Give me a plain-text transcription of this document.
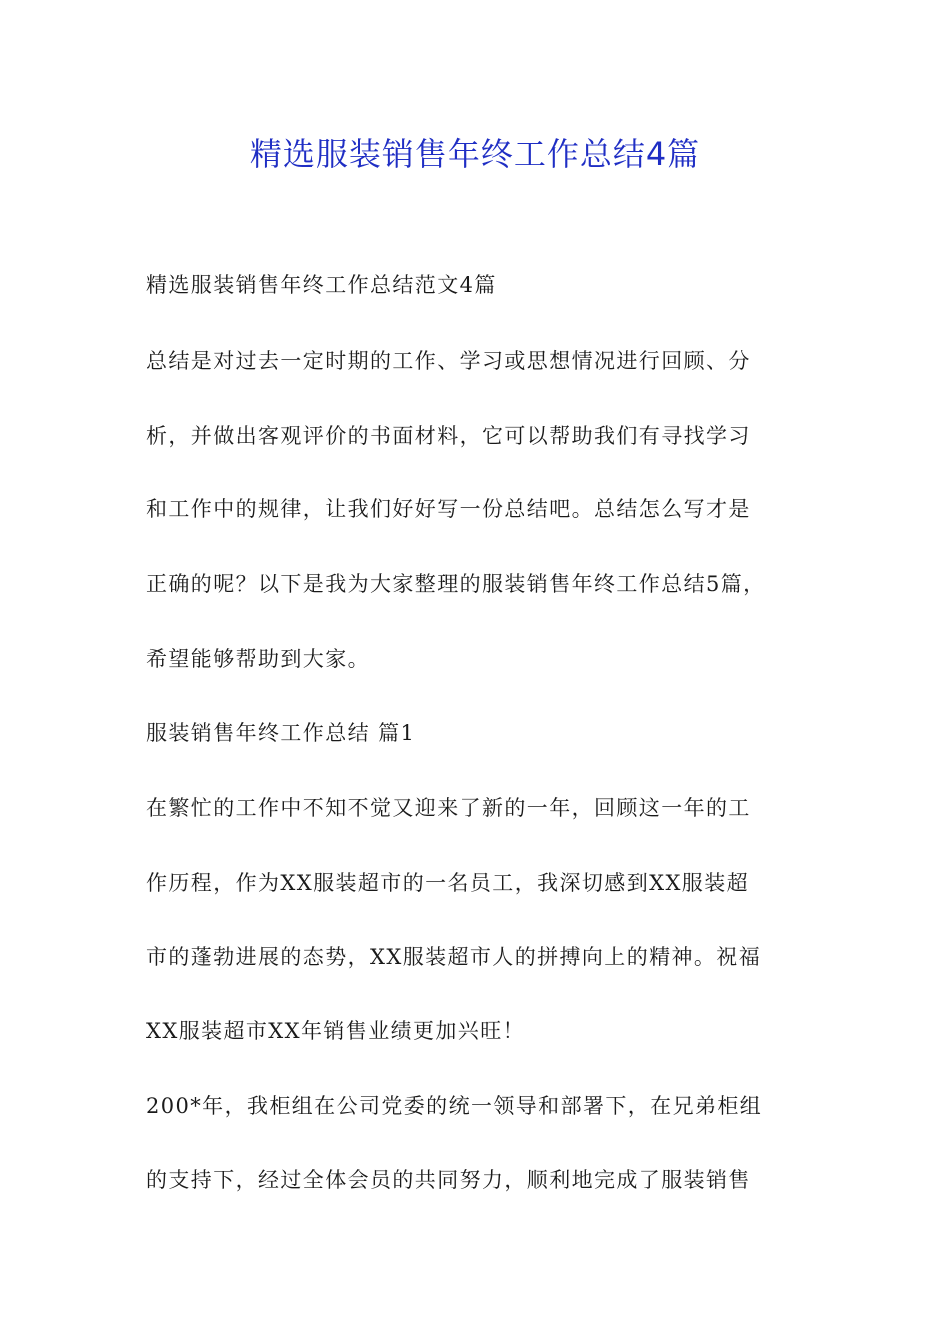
精选服装销售年终工作总结4篇

精选服装销售年终工作总结范文4篇

总结是对过去一定时期的工作、学习或思想情况进行回顾、分

析，并做出客观评价的书面材料，它可以帮助我们有寻找学习

和工作中的规律，让我们好好写一份总结吧。总结怎么写才是

正确的呢？以下是我为大家整理的服装销售年终工作总结5篇，

希望能够帮助到大家。

服装销售年终工作总结 篇1

在繁忙的工作中不知不觉又迎来了新的一年，回顾这一年的工

作历程，作为XX服装超市的一名员工，我深切感到XX服装超

市的蓬勃进展的态势，XX服装超市人的拼搏向上的精神。祝福

XX服装超市XX年销售业绩更加兴旺！

200*年，我柜组在公司党委的统一领导和部署下，在兄弟柜组

的支持下，经过全体会员的共同努力，顺利地完成了服装销售
